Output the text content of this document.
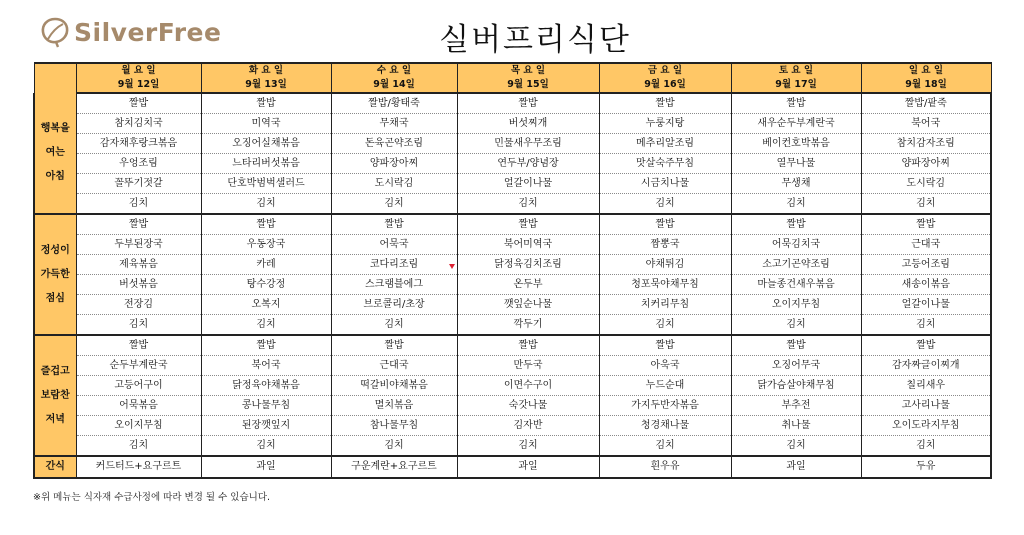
SilverFree	실버프리식단
	월 요 일	화 요 일	수 요 일	목 요 일	금 요 일	토 요 일	일 요 일
	9월 12일	9월 13일	9월 14일	9월 15일	9월 16일	9월 17일	9월 18일

행복을
여는
아침	짤밥	짤밥	짤밥/황태죽	짤밥	짤밥	짤밥	짤밥/팥죽
	참치김치국	미역국	무채국	버섯찌개	누룽지탕	새우순두부계란국	북어국
	감자채후랑크볶음	오징어실채볶음	돈육곤약조림	민물새우무조림	메추리알조림	베이컨호박볶음	참치감자조림
	우엉조림	느타리버섯볶음	양파장아찌	연두부/양념장	맛살숙주무침	열무나물	양파장아찌
	꼴뚜기젓갈	단호박범벅샐러드	도시락김	얼갈이나물	시금치나물	무생채	도시락김
	김치	김치	김치	김치	김치	김치	김치

정성이
가득한
점심	짤밥	짤밥	짤밥	짤밥	짤밥	짤밥	짤밥
	두부된장국	우동장국	어묵국	북어미역국	짬뽕국	어묵김치국	근대국
	제육볶음	카레	코다리조림	닭정육김치조림	야채튀김	소고기곤약조림	고등어조림
	버섯볶음	탕수강정	스크램블에그	온두부	청포묵야채무침	마늘종건새우볶음	새송이볶음
	전장김	오복지	브로콜리/초장	깻잎순나물	치커리무침	오이지무침	얼갈이나물
	김치	김치	김치	깍두기	김치	김치	김치

즐겁고
보람찬
저녁	짤밥	짤밥	짤밥	짤밥	짤밥	짤밥	짤밥
	순두부계란국	북어국	근대국	만두국	아욱국	오징어무국	감자짜글이찌개
	고등어구이	닭정육야채볶음	떡갈비야채볶음	이면수구이	누드순대	닭가슴살야채무침	칠리새우
	어묵볶음	콩나물무침	멸치볶음	숙갓나물	가지두반자볶음	부추전	고사리나물
	오이지무침	된장깻잎지	참나물무침	김자반	청경채나물	취나물	오이도라지무침
	김치	김치	김치	김치	김치	김치	김치
간식	커드터드+요구르트	과일	구운계란+요구르트	과일	흰우유	과일	두유
※위 메뉴는 식자재 수급사정에 따라 변경 될 수 있습니다.
